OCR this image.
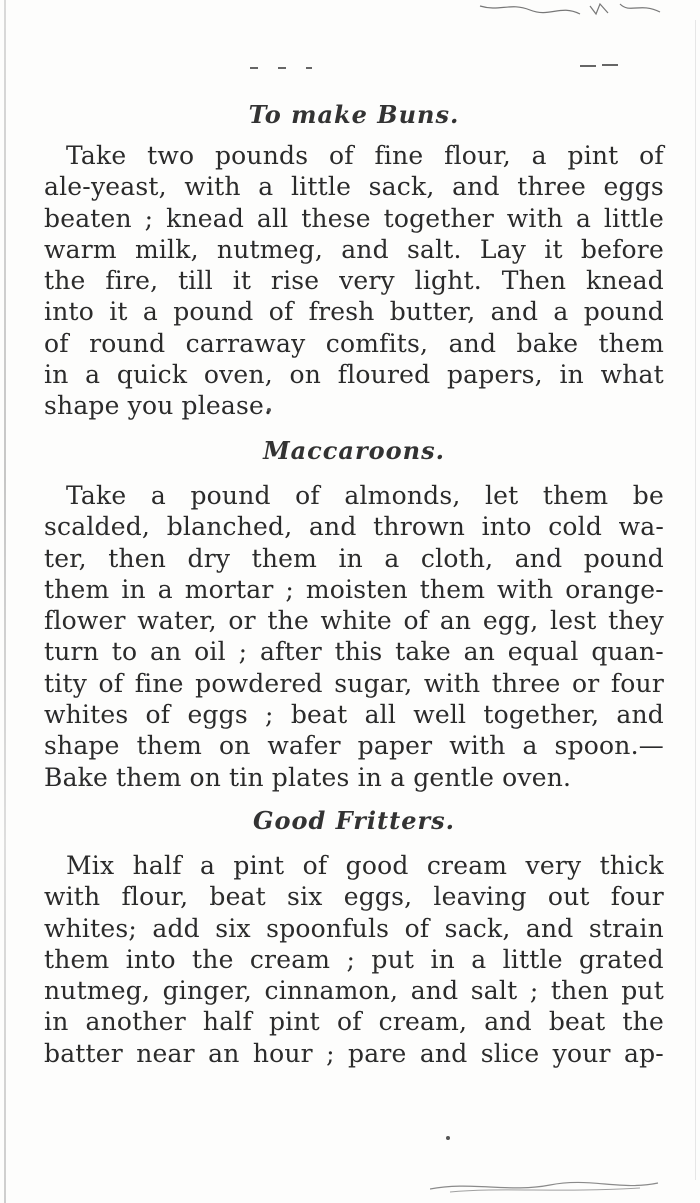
To make Buns.
Take two pounds of fine flour, a pint of
ale-yeast, with a little sack, and three eggs
beaten ; knead all these together with a little
warm milk, nutmeg, and salt. Lay it before
the fire, till it rise very light. Then knead
into it a pound of fresh butter, and a pound
of round carraway comfits, and bake them
in a quick oven, on floured papers, in what
shape you please.
Maccaroons.
Take a pound of almonds, let them be
scalded, blanched, and thrown into cold wa-
ter, then dry them in a cloth, and pound
them in a mortar ; moisten them with orange-
flower water, or the white of an egg, lest they
turn to an oil ; after this take an equal quan-
tity of fine powdered sugar, with three or four
whites of eggs ; beat all well together, and
shape them on wafer paper with a spoon.—
Bake them on tin plates in a gentle oven.
Good Fritters.
Mix half a pint of good cream very thick
with flour, beat six eggs, leaving out four
whites; add six spoonfuls of sack, and strain
them into the cream ; put in a little grated
nutmeg, ginger, cinnamon, and salt ; then put
in another half pint of cream, and beat the
batter near an hour ; pare and slice your ap-
